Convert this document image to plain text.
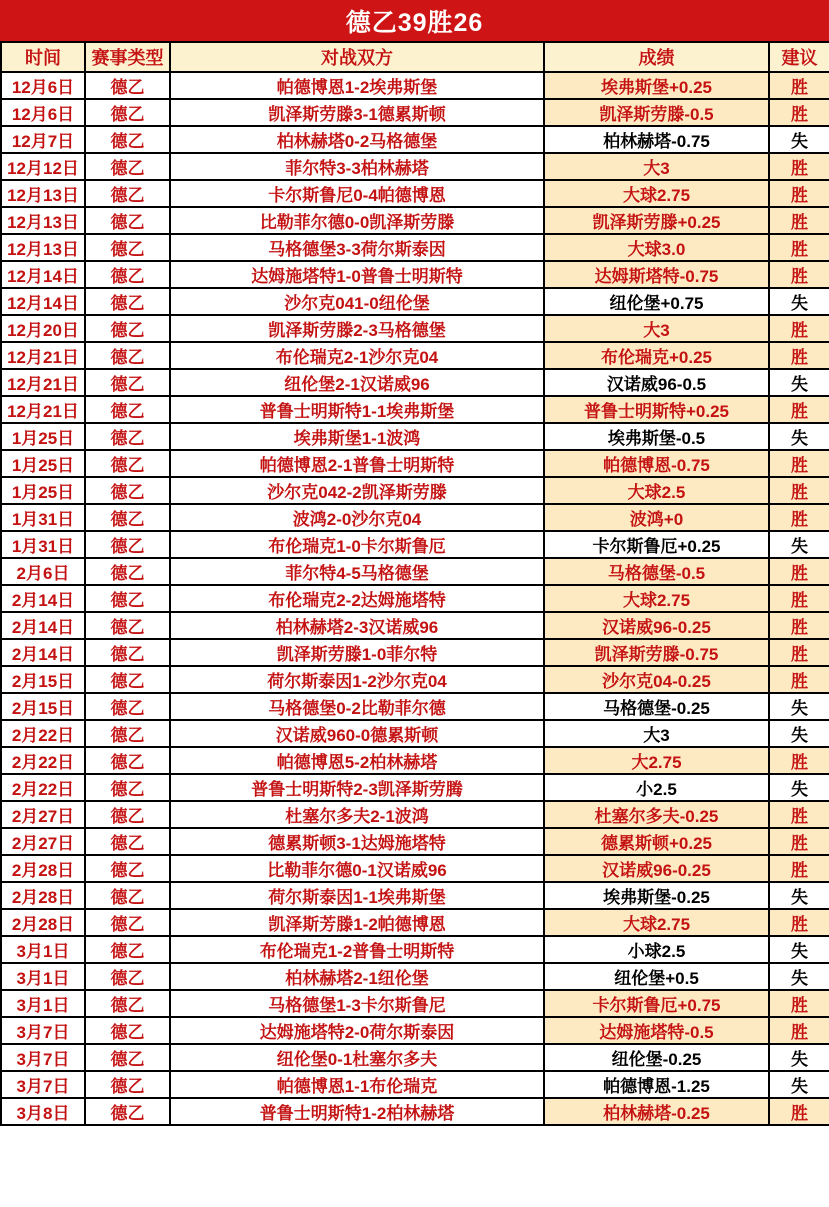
德乙39胜26
时间	赛事类型	对战双方	成绩	建议
12月6日	德乙	帕德博恩1-2埃弗斯堡	埃弗斯堡+0.25	胜
12月6日	德乙	凯泽斯劳滕3-1德累斯顿	凯泽斯劳滕-0.5	胜
12月7日	德乙	柏林赫塔0-2马格德堡	柏林赫塔-0.75	失
12月12日	德乙	菲尔特3-3柏林赫塔	大3	胜
12月13日	德乙	卡尔斯鲁尼0-4帕德博恩	大球2.75	胜
12月13日	德乙	比勒菲尔德0-0凯泽斯劳滕	凯泽斯劳滕+0.25	胜
12月13日	德乙	马格德堡3-3荷尔斯泰因	大球3.0	胜
12月14日	德乙	达姆施塔特1-0普鲁士明斯特	达姆斯塔特-0.75	胜
12月14日	德乙	沙尔克041-0纽伦堡	纽伦堡+0.75	失
12月20日	德乙	凯泽斯劳滕2-3马格德堡	大3	胜
12月21日	德乙	布伦瑞克2-1沙尔克04	布伦瑞克+0.25	胜
12月21日	德乙	纽伦堡2-1汉诺威96	汉诺威96-0.5	失
12月21日	德乙	普鲁士明斯特1-1埃弗斯堡	普鲁士明斯特+0.25	胜
1月25日	德乙	埃弗斯堡1-1波鸿	埃弗斯堡-0.5	失
1月25日	德乙	帕德博恩2-1普鲁士明斯特	帕德博恩-0.75	胜
1月25日	德乙	沙尔克042-2凯泽斯劳滕	大球2.5	胜
1月31日	德乙	波鸿2-0沙尔克04	波鸿+0	胜
1月31日	德乙	布伦瑞克1-0卡尔斯鲁厄	卡尔斯鲁厄+0.25	失
2月6日	德乙	菲尔特4-5马格德堡	马格德堡-0.5	胜
2月14日	德乙	布伦瑞克2-2达姆施塔特	大球2.75	胜
2月14日	德乙	柏林赫塔2-3汉诺威96	汉诺威96-0.25	胜
2月14日	德乙	凯泽斯劳滕1-0菲尔特	凯泽斯劳滕-0.75	胜
2月15日	德乙	荷尔斯泰因1-2沙尔克04	沙尔克04-0.25	胜
2月15日	德乙	马格德堡0-2比勒菲尔德	马格德堡-0.25	失
2月22日	德乙	汉诺威960-0德累斯顿	大3	失
2月22日	德乙	帕德博恩5-2柏林赫塔	大2.75	胜
2月22日	德乙	普鲁士明斯特2-3凯泽斯劳腾	小2.5	失
2月27日	德乙	杜塞尔多夫2-1波鸿	杜塞尔多夫-0.25	胜
2月27日	德乙	德累斯顿3-1达姆施塔特	德累斯顿+0.25	胜
2月28日	德乙	比勒菲尔德0-1汉诺威96	汉诺威96-0.25	胜
2月28日	德乙	荷尔斯泰因1-1埃弗斯堡	埃弗斯堡-0.25	失
2月28日	德乙	凯泽斯芳滕1-2帕德博恩	大球2.75	胜
3月1日	德乙	布伦瑞克1-2普鲁士明斯特	小球2.5	失
3月1日	德乙	柏林赫塔2-1纽伦堡	纽伦堡+0.5	失
3月1日	德乙	马格德堡1-3卡尔斯鲁尼	卡尔斯鲁厄+0.75	胜
3月7日	德乙	达姆施塔特2-0荷尔斯泰因	达姆施塔特-0.5	胜
3月7日	德乙	纽伦堡0-1杜塞尔多夫	纽伦堡-0.25	失
3月7日	德乙	帕德博恩1-1布伦瑞克	帕德博恩-1.25	失
3月8日	德乙	普鲁士明斯特1-2柏林赫塔	柏林赫塔-0.25	胜
